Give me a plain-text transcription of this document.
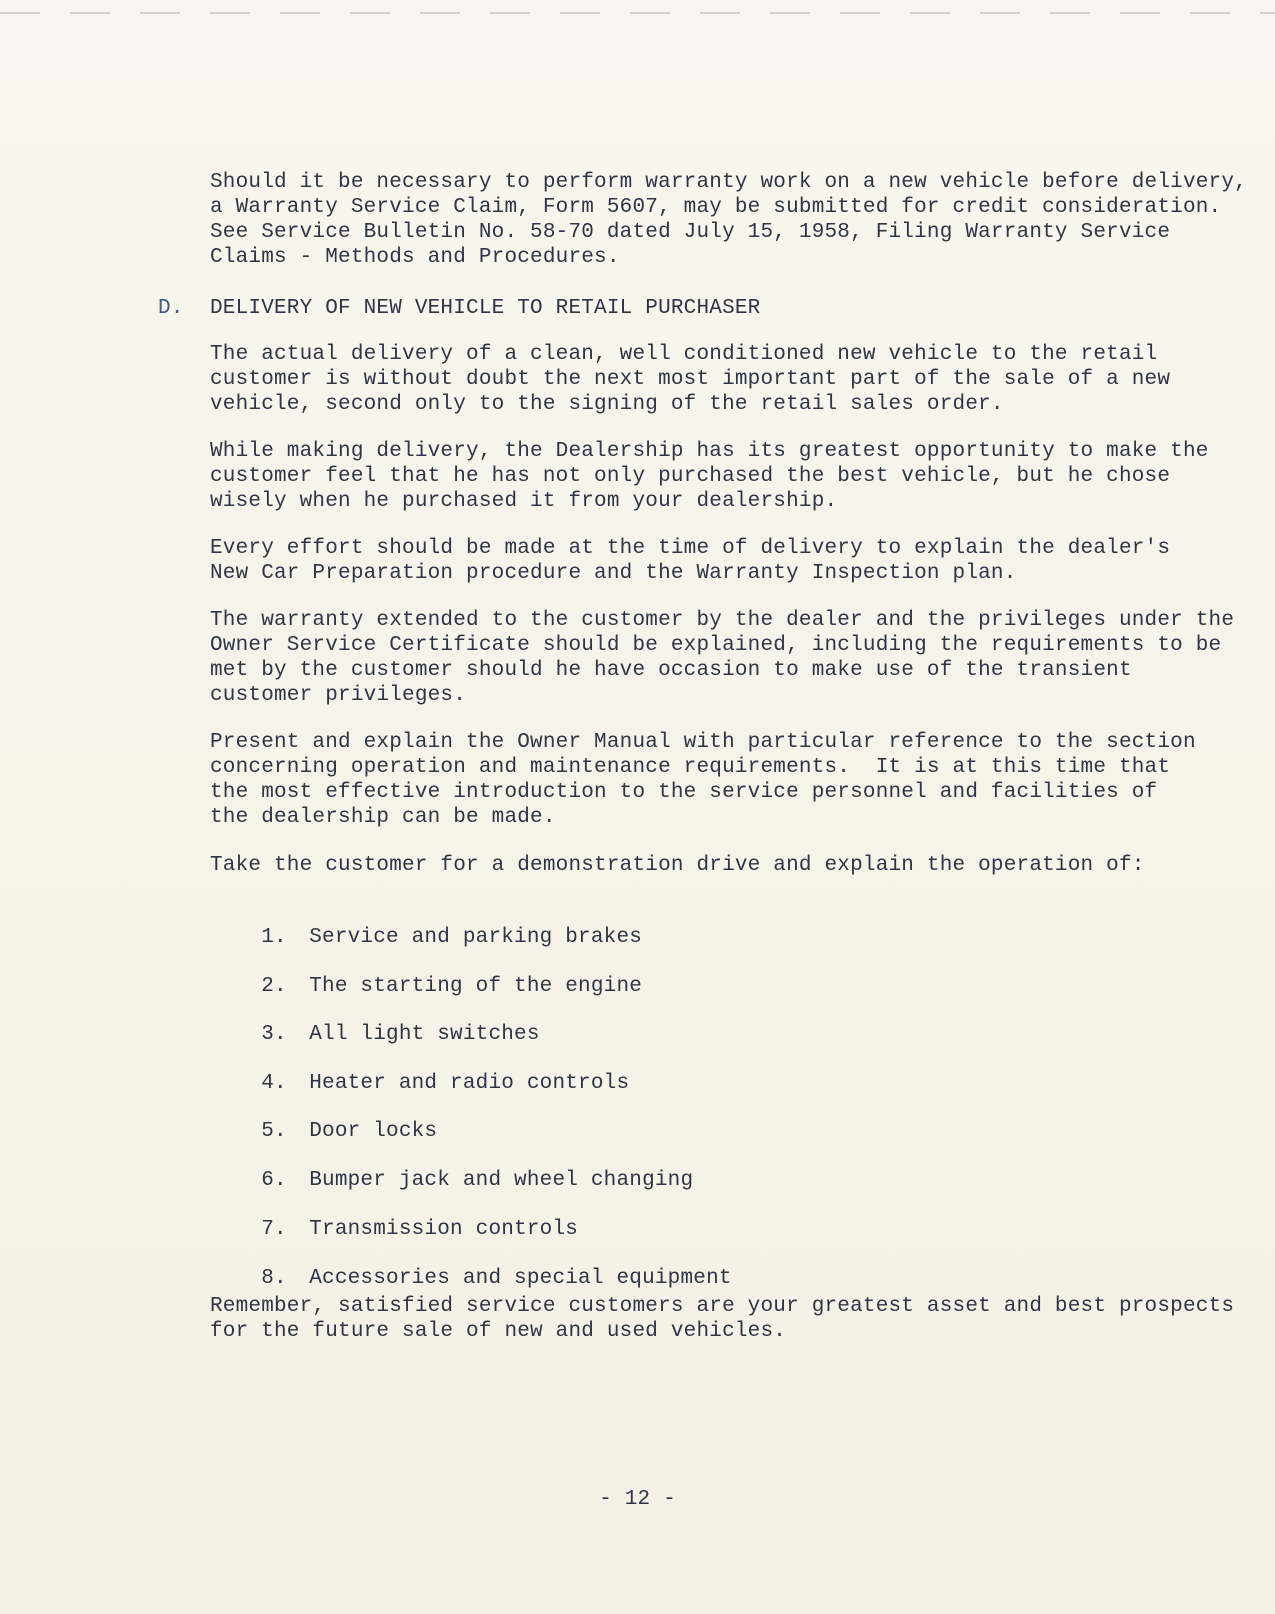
Should it be necessary to perform warranty work on a new vehicle before delivery,
a Warranty Service Claim, Form 5607, may be submitted for credit consideration.
See Service Bulletin No. 58-70 dated July 15, 1958, Filing Warranty Service
Claims - Methods and Procedures.

D. DELIVERY OF NEW VEHICLE TO RETAIL PURCHASER

The actual delivery of a clean, well conditioned new vehicle to the retail
customer is without doubt the next most important part of the sale of a new
vehicle, second only to the signing of the retail sales order.

While making delivery, the Dealership has its greatest opportunity to make the
customer feel that he has not only purchased the best vehicle, but he chose
wisely when he purchased it from your dealership.

Every effort should be made at the time of delivery to explain the dealer's
New Car Preparation procedure and the Warranty Inspection plan.

The warranty extended to the customer by the dealer and the privileges under the
Owner Service Certificate should be explained, including the requirements to be
met by the customer should he have occasion to make use of the transient
customer privileges.

Present and explain the Owner Manual with particular reference to the section
concerning operation and maintenance requirements.  It is at this time that
the most effective introduction to the service personnel and facilities of
the dealership can be made.

Take the customer for a demonstration drive and explain the operation of:

1. Service and parking brakes

2. The starting of the engine

3. All light switches

4. Heater and radio controls

5. Door locks

6. Bumper jack and wheel changing

7. Transmission controls

8. Accessories and special equipment

Remember, satisfied service customers are your greatest asset and best prospects
for the future sale of new and used vehicles.

- 12 -
